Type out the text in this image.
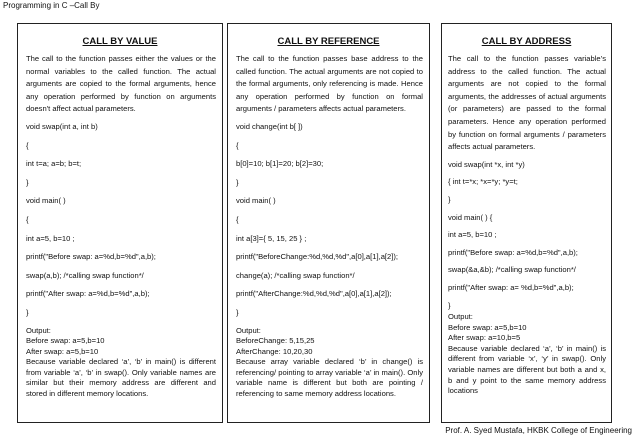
Programming in C –Call By
CALL BY VALUE

The call to the function passes either the values or the normal variables to the called function. The actual arguments are copied to the formal arguments, hence any operation performed by function on arguments doesn't affect actual parameters.

void swap(int a, int b)
{
int t=a; a=b; b=t;
}
void main( )
{
int a=5, b=10 ;
printf("Before swap: a=%d,b=%d",a,b);
swap(a,b); /*calling swap function*/
printf("After swap: a=%d,b=%d",a,b);
}
Output:
Before swap: a=5,b=10
After swap: a=5,b=10
Because variable declared ‘a’, ‘b’ in main() is different from variable ‘a’, ‘b’ in swap(). Only variable names are similar but their memory address are different and stored in different memory locations.
CALL BY REFERENCE

The call to the function passes base address to the called function. The actual arguments are not copied to the formal arguments, only referencing is made. Hence any operation performed by function on formal arguments / parameters affects actual parameters.

void change(int b[ ])
{
b[0]=10; b[1]=20; b[2]=30;
}
void main( )
{
int a[3]={ 5, 15, 25 } ;
printf("BeforeChange:%d,%d,%d",a[0],a[1],a[2]);
change(a); /*calling swap function*/
printf("AfterChange:%d,%d,%d",a[0],a[1],a[2]);
}
Output:
BeforeChange: 5,15,25
AfterChange: 10,20,30
Because array variable declared ‘b’ in change() is referencing/ pointing to array variable ‘a’ in main(). Only variable name is different but both are pointing / referencing to same memory address locations.
CALL BY ADDRESS

The call to the function passes variable’s address to the called function. The actual arguments are not copied to the formal arguments, the addresses of actual arguments (or parameters) are passed to the formal parameters. Hence any operation performed by function on formal arguments / parameters affects actual parameters.

void swap(int *x, int *y)
{ int t=*x; *x=*y; *y=t;
}
void main( ) {
int a=5, b=10 ;
printf("Before swap: a=%d,b=%d",a,b);
swap(&a,&b); /*calling swap function*/
printf("After swap: a= %d,b=%d",a,b);
}
Output:
Before swap: a=5,b=10
After swap: a=10,b=5
Because variable declared ‘a’, ‘b’ in main() is different from variable ‘x’, ‘y’ in swap(). Only variable names are different but both a and x, b and y point to the same memory address locations
Prof. A. Syed Mustafa, HKBK College of Engineering
